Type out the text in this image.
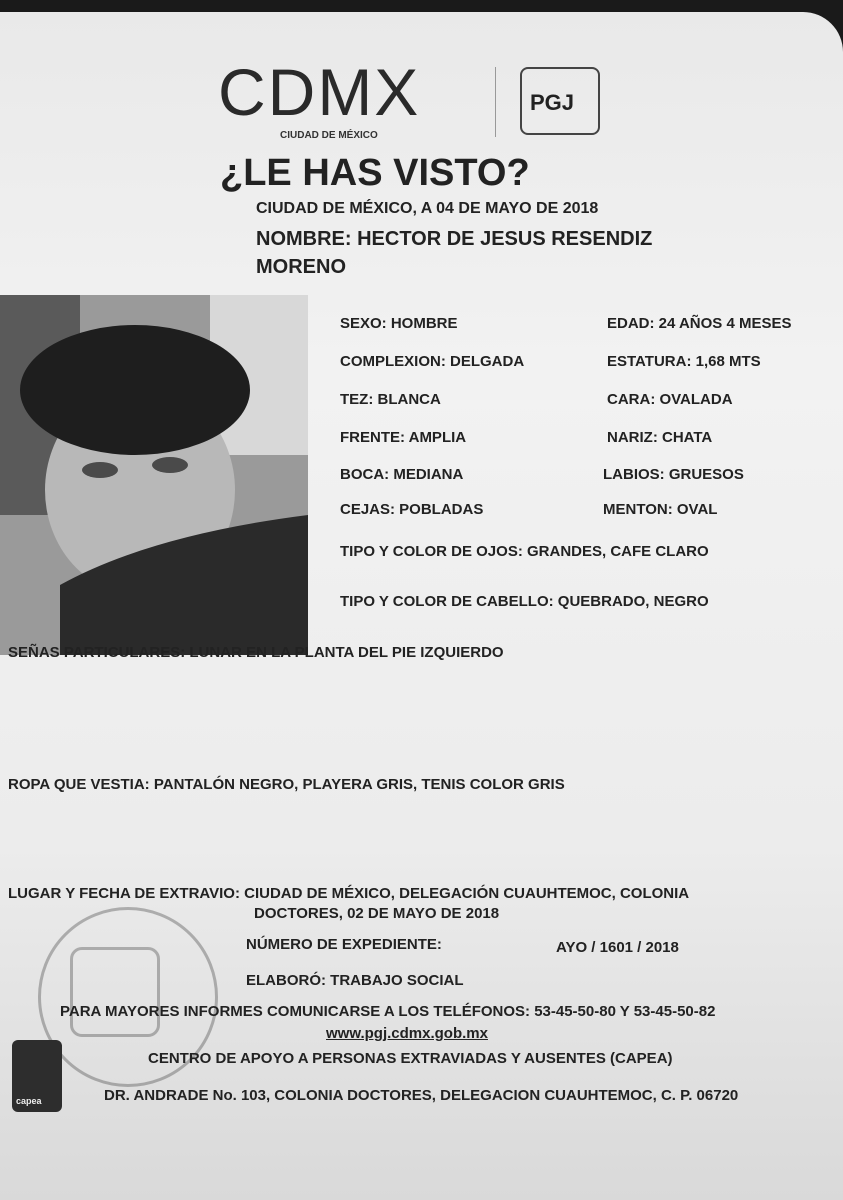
CDMX
CIUDAD DE MÉXICO
PGJ
¿LE HAS VISTO?
CIUDAD DE MÉXICO, A 04 DE MAYO DE 2018
NOMBRE: HECTOR DE JESUS RESENDIZ
MORENO
SEXO: HOMBRE	EDAD: 24 AÑOS 4 MESES
COMPLEXION: DELGADA	ESTATURA: 1,68 MTS
TEZ: BLANCA	CARA: OVALADA
FRENTE: AMPLIA	NARIZ: CHATA
BOCA: MEDIANA	LABIOS: GRUESOS
CEJAS: POBLADAS	MENTON: OVAL
TIPO Y COLOR DE OJOS: GRANDES, CAFE CLARO
TIPO Y COLOR DE CABELLO: QUEBRADO, NEGRO
SEÑAS PARTICULARES: LUNAR EN LA PLANTA DEL PIE IZQUIERDO
ROPA QUE VESTIA: PANTALÓN NEGRO, PLAYERA GRIS, TENIS COLOR GRIS
LUGAR Y FECHA DE EXTRAVIO: CIUDAD DE MÉXICO, DELEGACIÓN CUAUHTEMOC, COLONIA
DOCTORES, 02 DE MAYO DE 2018
NÚMERO DE EXPEDIENTE:	AYO / 1601 / 2018
ELABORÓ: TRABAJO SOCIAL
PARA MAYORES INFORMES COMUNICARSE A LOS TELÉFONOS: 53-45-50-80 Y 53-45-50-82
www.pgj.cdmx.gob.mx
CENTRO DE APOYO A PERSONAS EXTRAVIADAS Y AUSENTES (CAPEA)
DR. ANDRADE No. 103, COLONIA DOCTORES, DELEGACION CUAUHTEMOC, C. P. 06720
capea
